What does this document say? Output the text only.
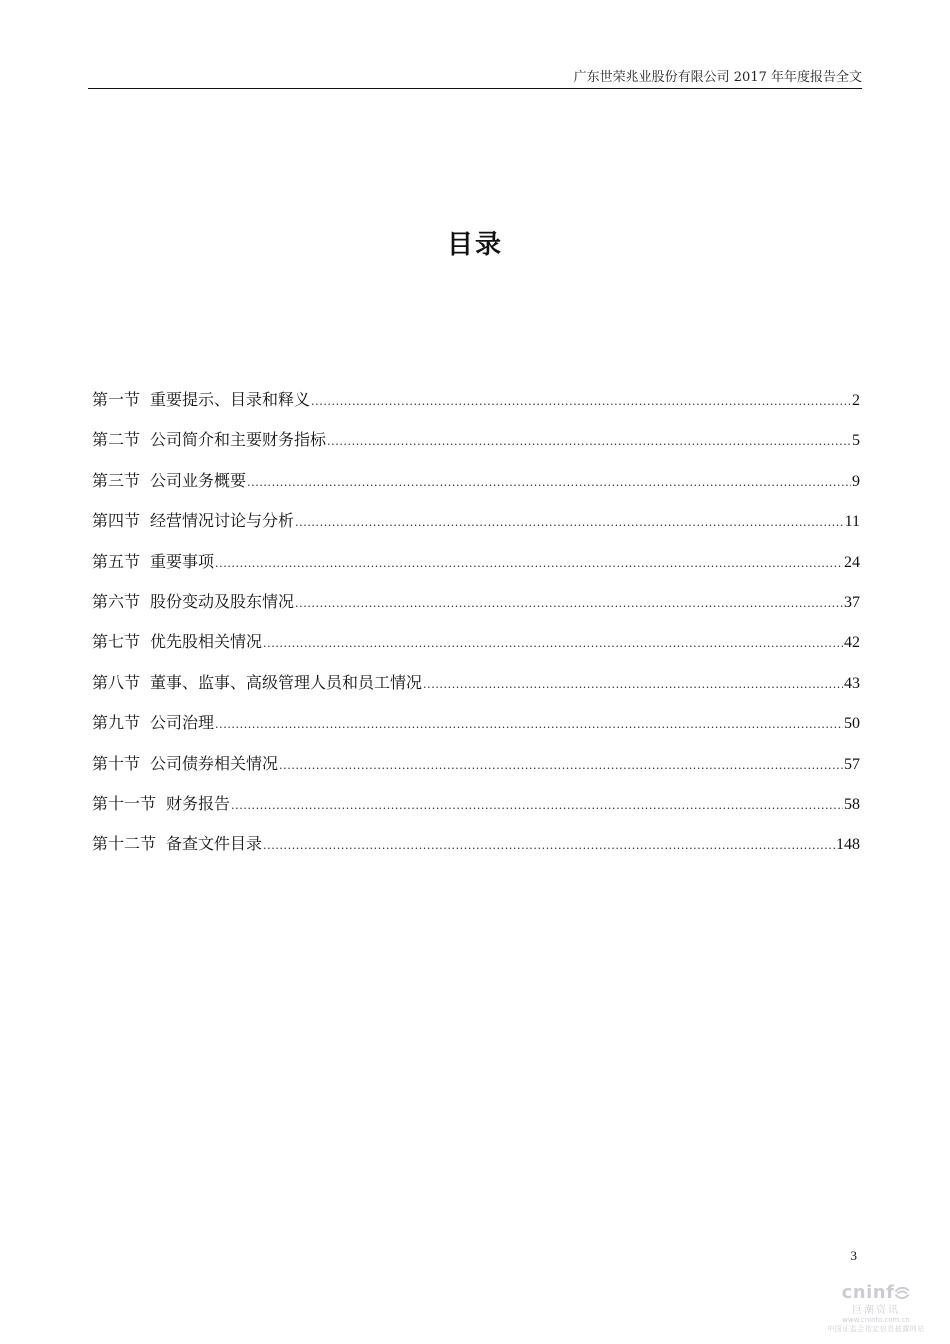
广东世荣兆业股份有限公司 2017 年年度报告全文
目录
第一节 重要提示、目录和释义 .....	2
第二节 公司简介和主要财务指标 .....	5
第三节 公司业务概要 .....	9
第四节 经营情况讨论与分析 .....	11
第五节 重要事项 .....	24
第六节 股份变动及股东情况 .....	37
第七节 优先股相关情况 .....	42
第八节 董事、监事、高级管理人员和员工情况 .....	43
第九节 公司治理 .....	50
第十节 公司债券相关情况 .....	57
第十一节 财务报告 .....	58
第十二节 备查文件目录 .....	148
3
cninf
巨潮资讯
www.cninfo.com.cn
中国证监会指定信息披露网站
